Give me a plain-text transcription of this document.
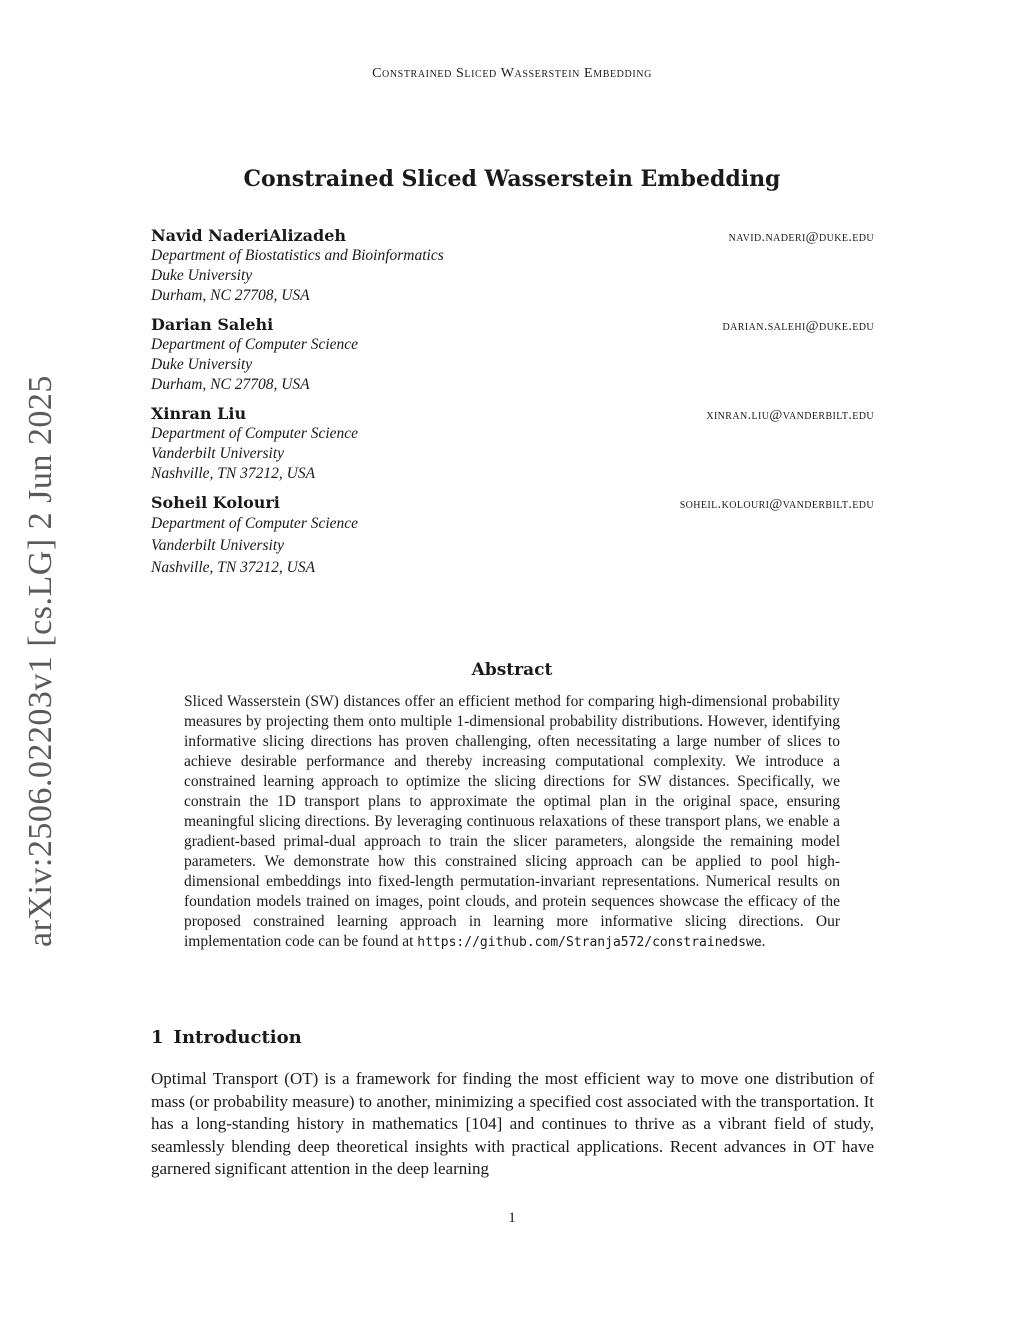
Constrained Sliced Wasserstein Embedding
arXiv:2506.02203v1 [cs.LG] 2 Jun 2025
Constrained Sliced Wasserstein Embedding
Navid NaderiAlizadeh	navid.naderi@duke.edu
Department of Biostatistics and Bioinformatics
Duke University
Durham, NC 27708, USA
Darian Salehi	darian.salehi@duke.edu
Department of Computer Science
Duke University
Durham, NC 27708, USA
Xinran Liu	xinran.liu@vanderbilt.edu
Department of Computer Science
Vanderbilt University
Nashville, TN 37212, USA
Soheil Kolouri	soheil.kolouri@vanderbilt.edu
Department of Computer Science
Vanderbilt University
Nashville, TN 37212, USA
Abstract
Sliced Wasserstein (SW) distances offer an efficient method for comparing high-dimensional probability measures by projecting them onto multiple 1-dimensional probability distributions. However, identifying informative slicing directions has proven challenging, often necessitating a large number of slices to achieve desirable performance and thereby increasing computational complexity. We introduce a constrained learning approach to optimize the slicing directions for SW distances. Specifically, we constrain the 1D transport plans to approximate the optimal plan in the original space, ensuring meaningful slicing directions. By leveraging continuous relaxations of these transport plans, we enable a gradient-based primal-dual approach to train the slicer parameters, alongside the remaining model parameters. We demonstrate how this constrained slicing approach can be applied to pool high-dimensional embeddings into fixed-length permutation-invariant representations. Numerical results on foundation models trained on images, point clouds, and protein sequences showcase the efficacy of the proposed constrained learning approach in learning more informative slicing directions. Our implementation code can be found at https://github.com/Stranja572/constrainedswe.
1 Introduction
Optimal Transport (OT) is a framework for finding the most efficient way to move one distribution of mass (or probability measure) to another, minimizing a specified cost associated with the transportation. It has a long-standing history in mathematics [104] and continues to thrive as a vibrant field of study, seamlessly blending deep theoretical insights with practical applications. Recent advances in OT have garnered significant attention in the deep learning
1
